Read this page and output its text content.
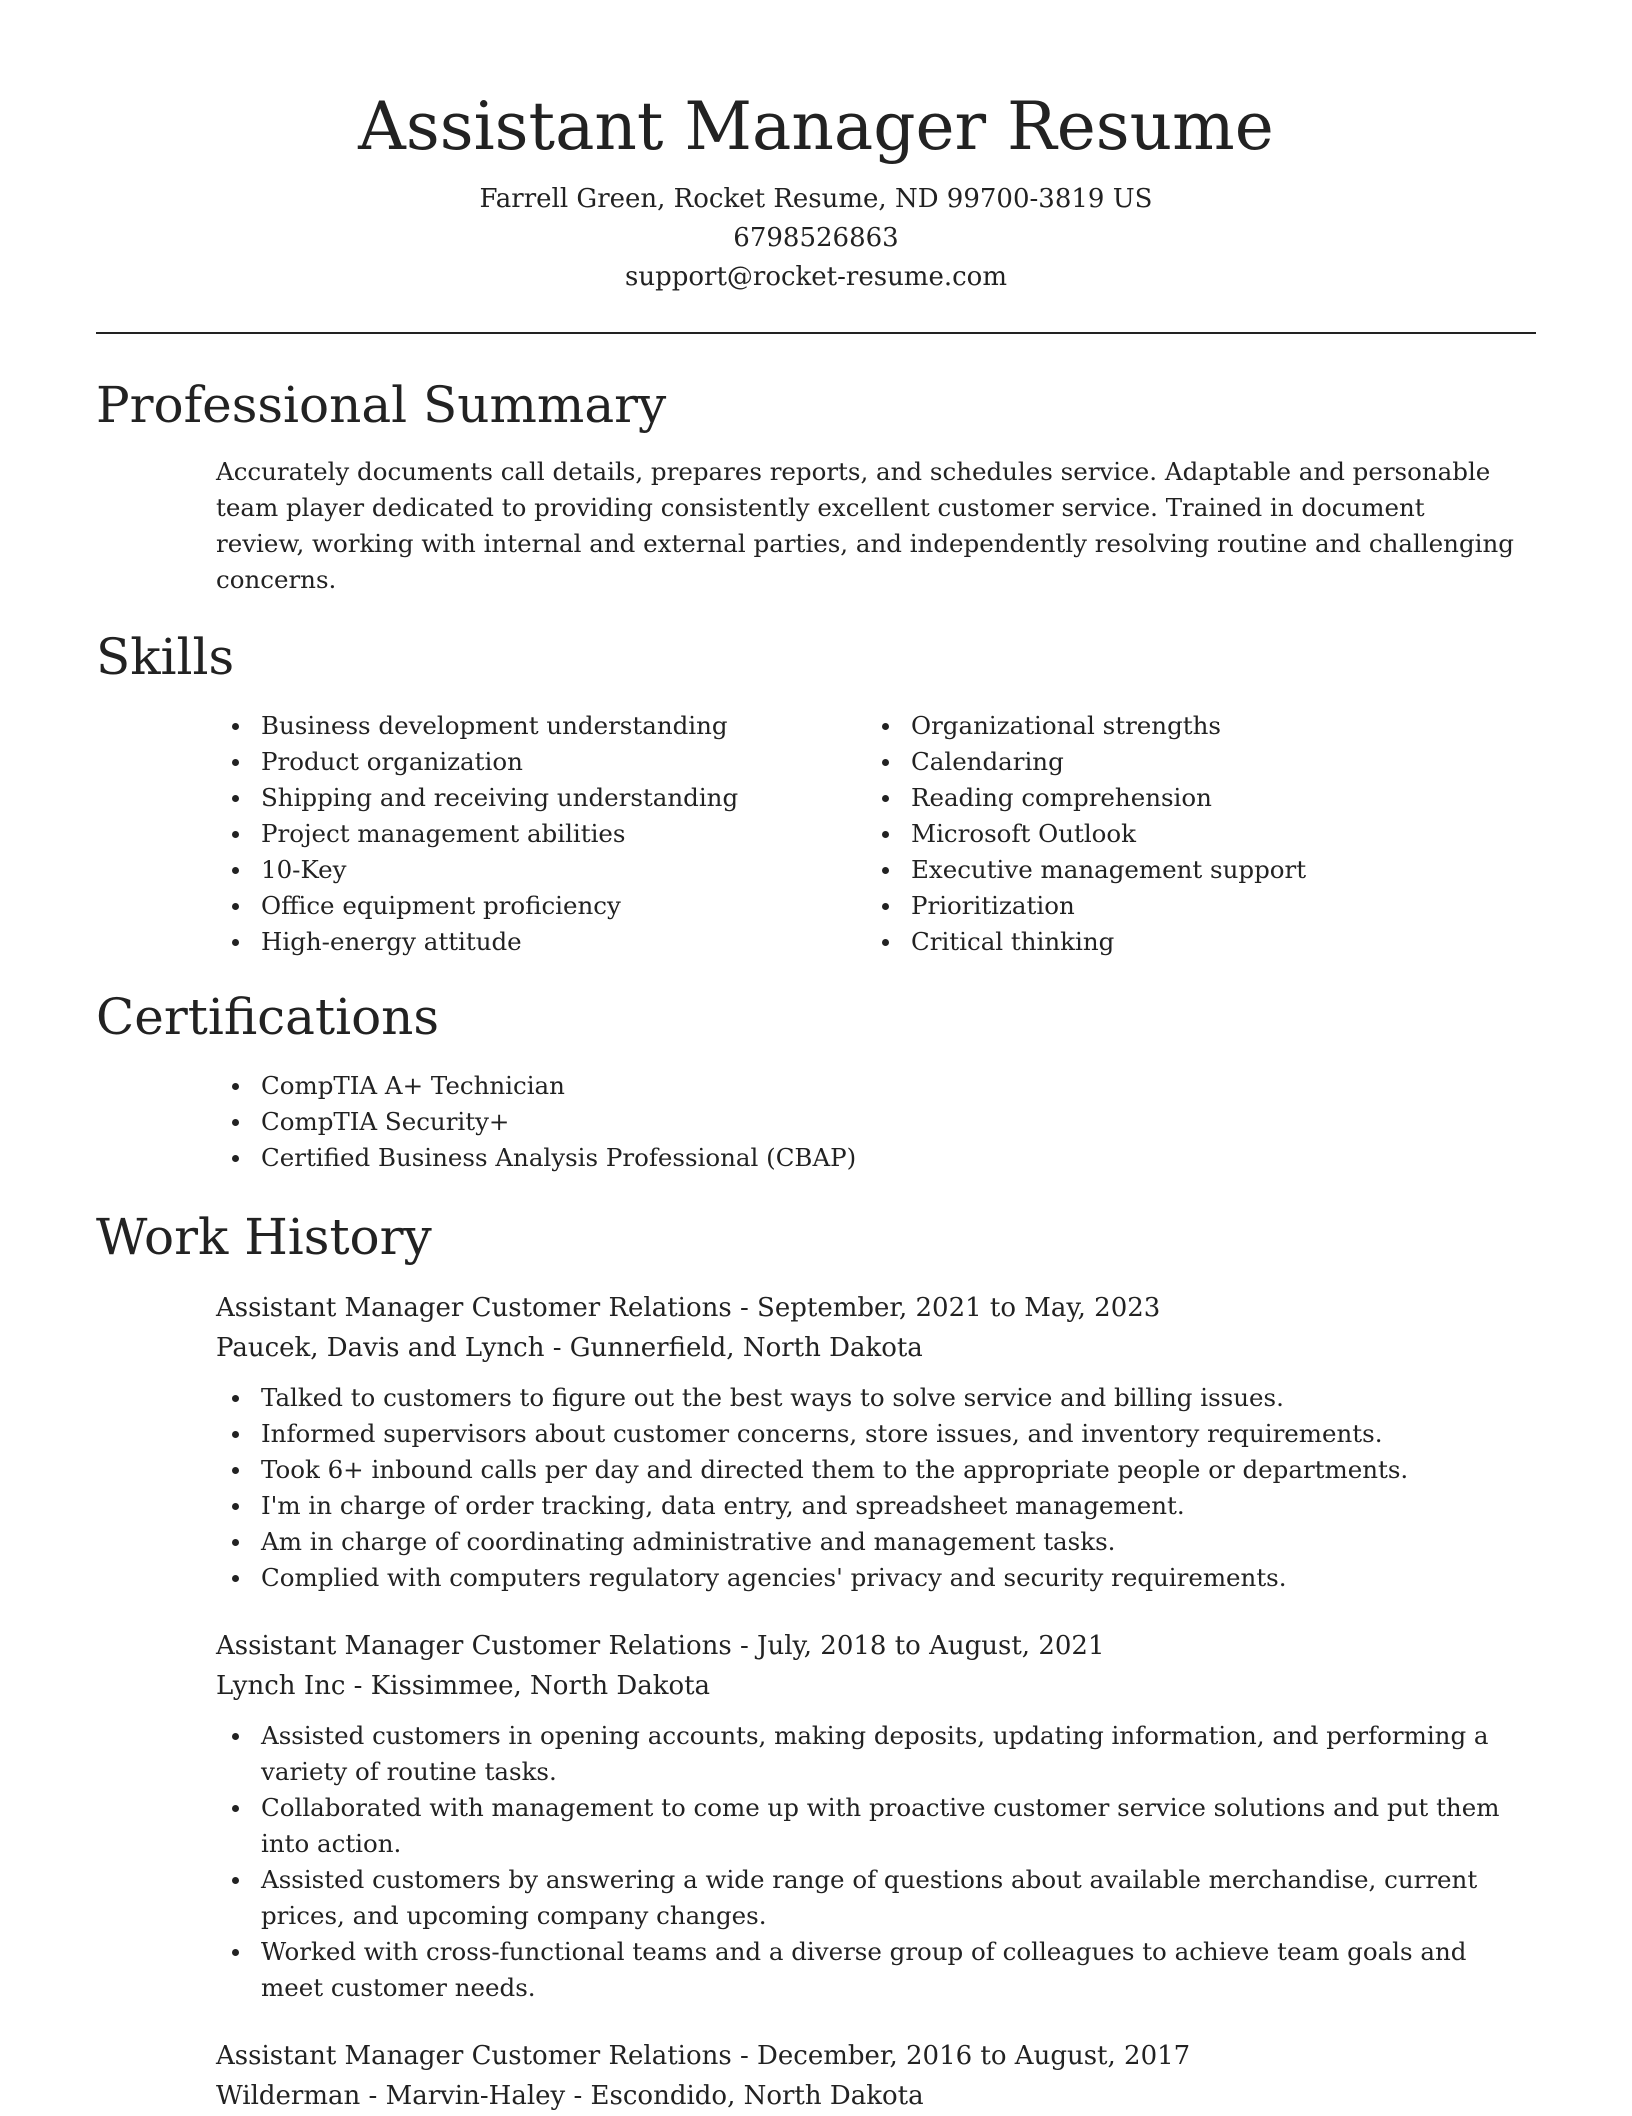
Assistant Manager Resume
Farrell Green, Rocket Resume, ND 99700-3819 US
6798526863
support@rocket-resume.com
Professional Summary

Accurately documents call details, prepares reports, and schedules service. Adaptable and personable team player dedicated to providing consistently excellent customer service. Trained in document review, working with internal and external parties, and independently resolving routine and challenging concerns.

Skills
Business development understanding
Product organization
Shipping and receiving understanding
Project management abilities
10-Key
Office equipment proficiency
High-energy attitude
Organizational strengths
Calendaring
Reading comprehension
Microsoft Outlook
Executive management support
Prioritization
Critical thinking
Certifications
CompTIA A+ Technician
CompTIA Security+
Certified Business Analysis Professional (CBAP)
Work History
Assistant Manager Customer Relations - September, 2021 to May, 2023
Paucek, Davis and Lynch - Gunnerfield, North Dakota
Talked to customers to figure out the best ways to solve service and billing issues.
Informed supervisors about customer concerns, store issues, and inventory requirements.
Took 6+ inbound calls per day and directed them to the appropriate people or departments.
I'm in charge of order tracking, data entry, and spreadsheet management.
Am in charge of coordinating administrative and management tasks.
Complied with computers regulatory agencies' privacy and security requirements.
Assistant Manager Customer Relations - July, 2018 to August, 2021
Lynch Inc - Kissimmee, North Dakota
Assisted customers in opening accounts, making deposits, updating information, and performing a variety of routine tasks.
Collaborated with management to come up with proactive customer service solutions and put them into action.
Assisted customers by answering a wide range of questions about available merchandise, current prices, and upcoming company changes.
Worked with cross-functional teams and a diverse group of colleagues to achieve team goals and meet customer needs.
Assistant Manager Customer Relations - December, 2016 to August, 2017
Wilderman - Marvin-Haley - Escondido, North Dakota
